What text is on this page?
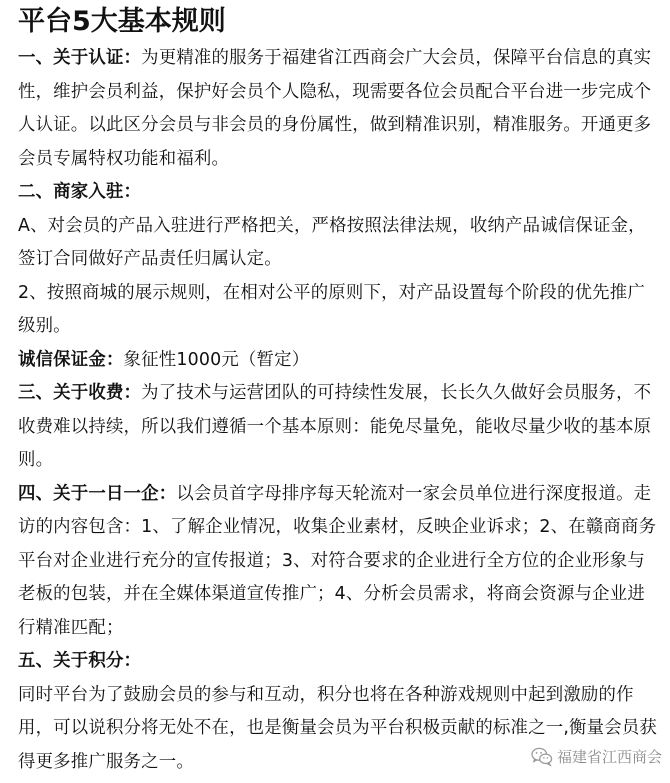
平台5大基本规则

一、关于认证：为更精准的服务于福建省江西商会广大会员，保障平台信息的真实性，维护会员利益，保护好会员个人隐私，现需要各位会员配合平台进一步完成个人认证。以此区分会员与非会员的身份属性，做到精准识别，精准服务。开通更多会员专属特权功能和福利。

二、商家入驻：

A、对会员的产品入驻进行严格把关，严格按照法律法规，收纳产品诚信保证金，签订合同做好产品责任归属认定。

2、按照商城的展示规则，在相对公平的原则下，对产品设置每个阶段的优先推广级别。

诚信保证金：象征性1000元（暂定）

三、关于收费：为了技术与运营团队的可持续性发展，长长久久做好会员服务，不收费难以持续，所以我们遵循一个基本原则：能免尽量免，能收尽量少收的基本原则。

四、关于一日一企：以会员首字母排序每天轮流对一家会员单位进行深度报道。走访的内容包含：1、了解企业情况，收集企业素材，反映企业诉求；2、在赣商商务平台对企业进行充分的宣传报道；3、对符合要求的企业进行全方位的企业形象与老板的包装，并在全媒体渠道宣传推广；4、分析会员需求，将商会资源与企业进行精准匹配；

五、关于积分：

同时平台为了鼓励会员的参与和互动，积分也将在各种游戏规则中起到激励的作用，可以说积分将无处不在，也是衡量会员为平台积极贡献的标准之一,衡量会员获得更多推广服务之一。	福建省江西商会
